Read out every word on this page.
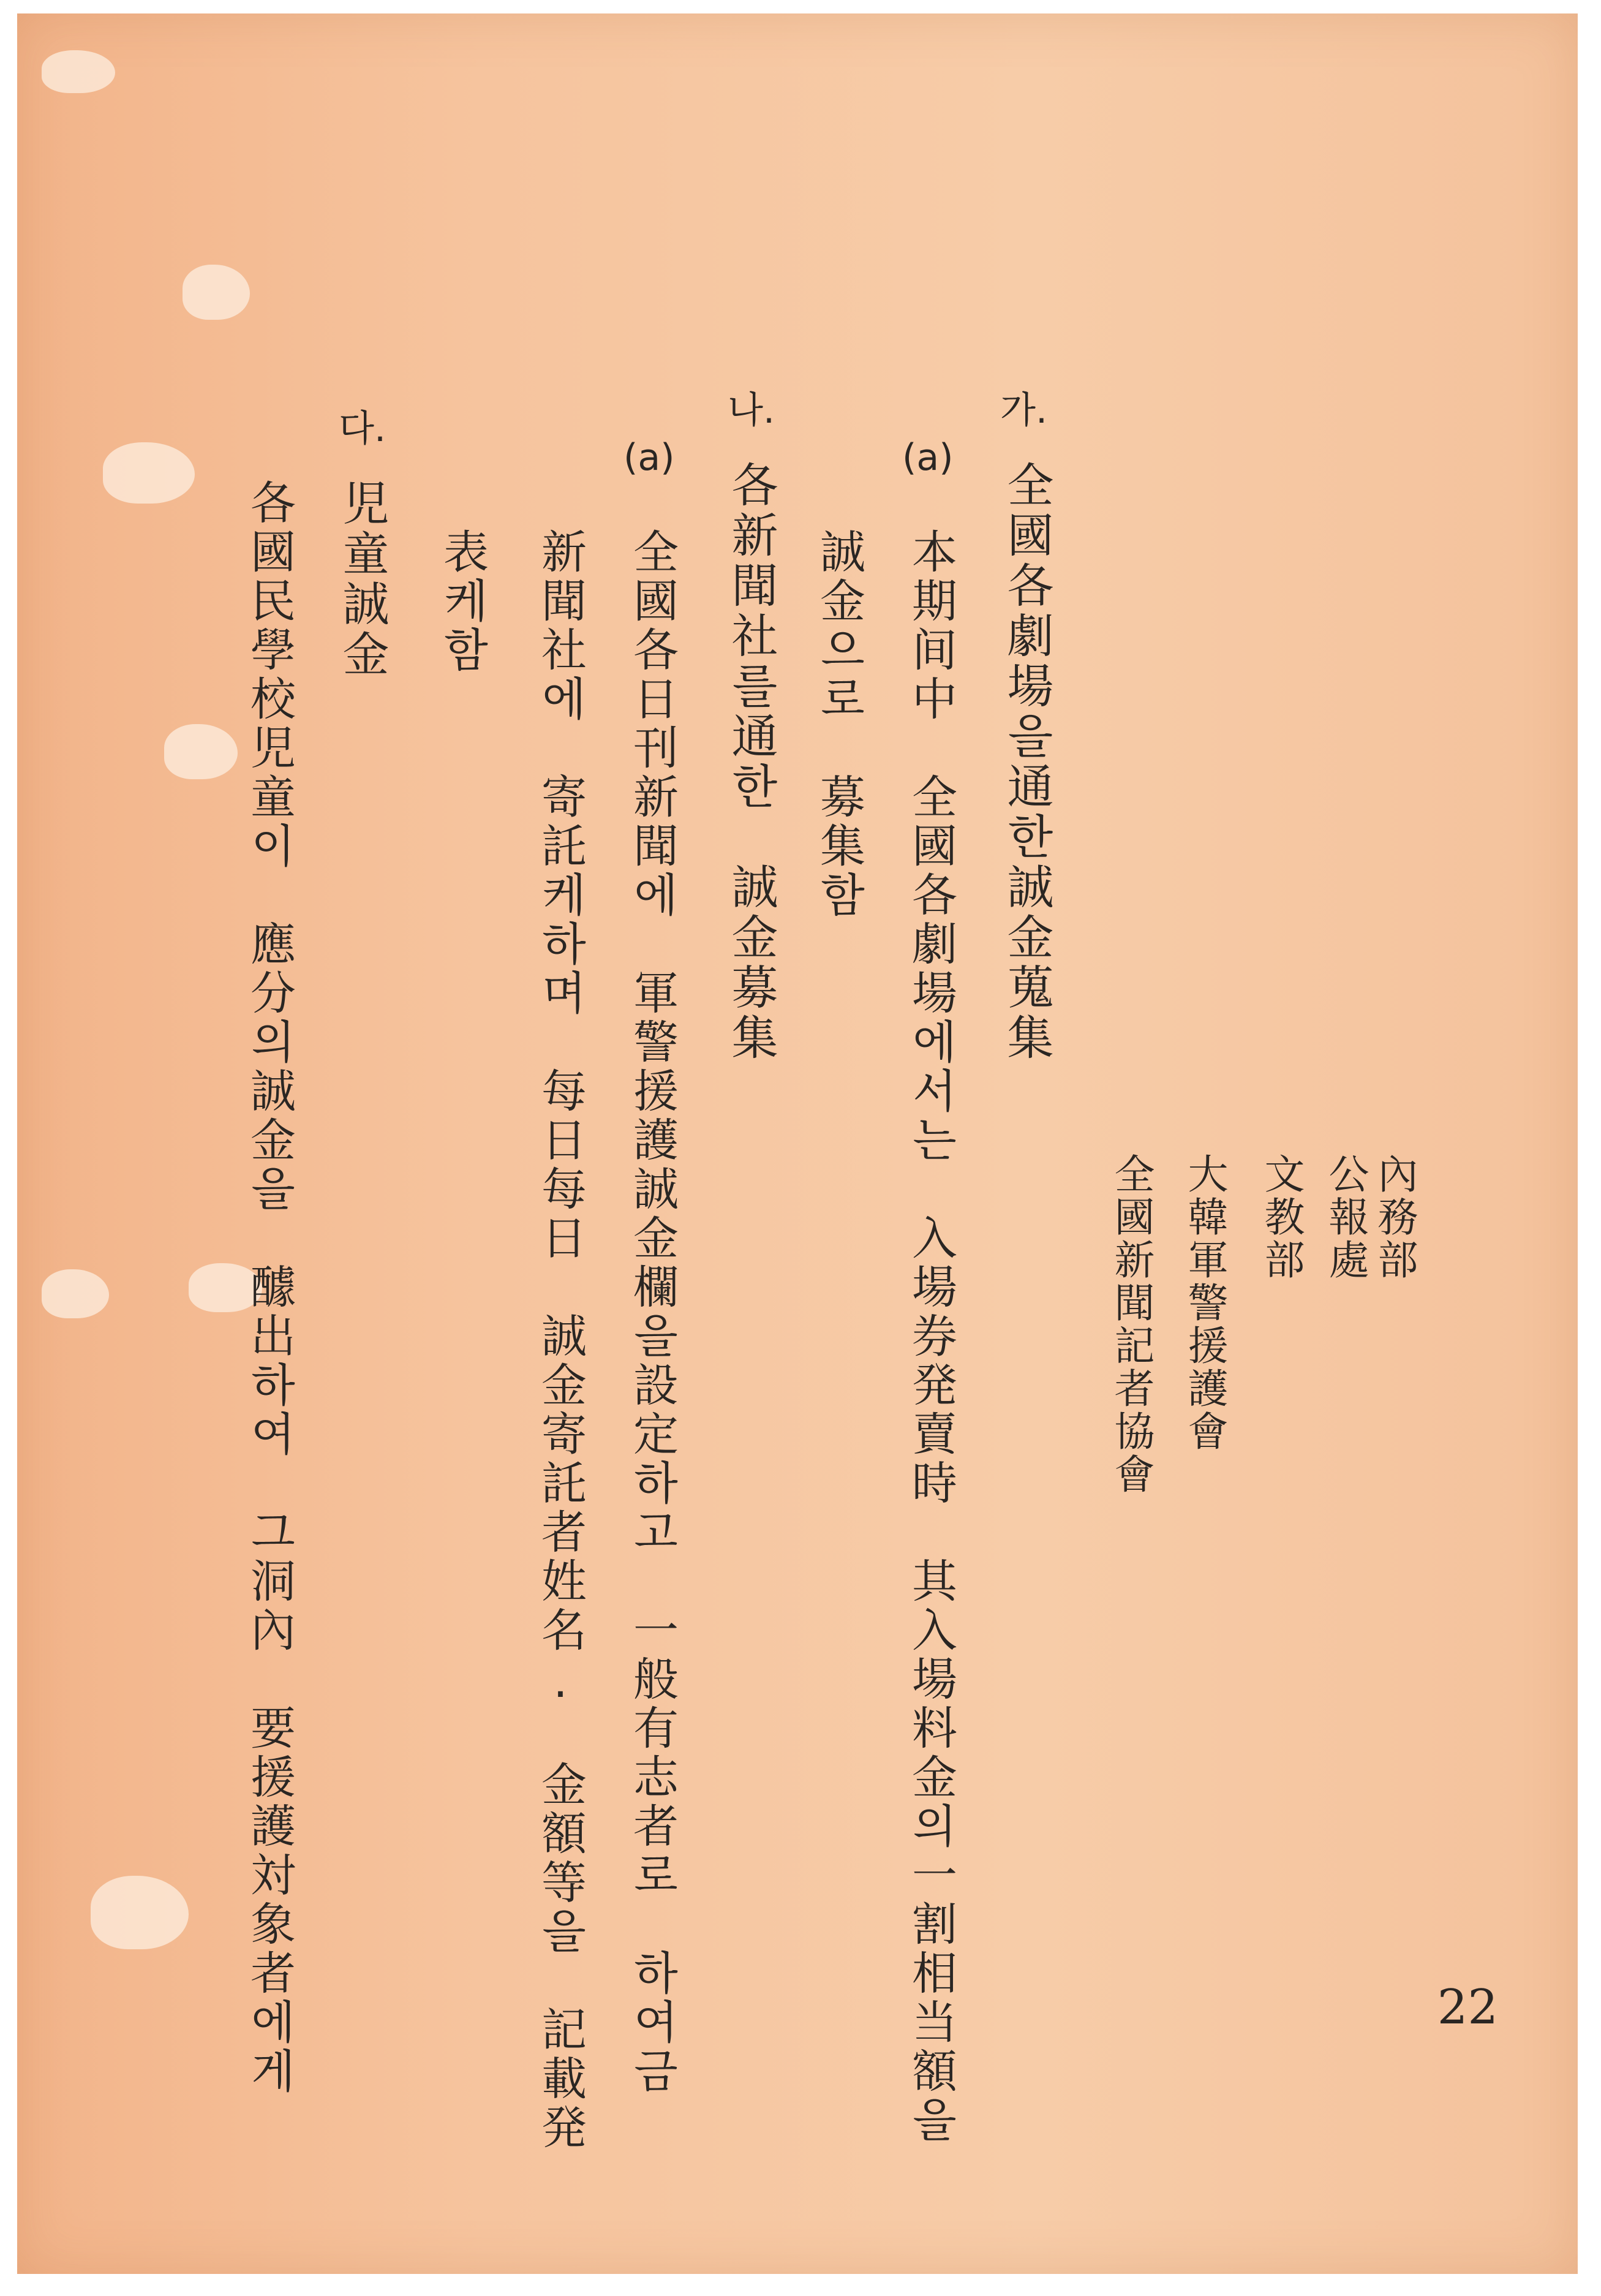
內務部
公報處
文教部
大韓軍警援護會
全國新聞記者協會
가.
全國各劇場을通한誠金蒐集
(a)
本期间中　全國各劇場에서는　入場券発賣時　其入場料金의一割相当額을
誠金으로　募集함
나.
各新聞社를通한　誠金募集
(a)
全國各日刊新聞에　軍警援護誠金欄을設定하고　一般有志者로　하여금
新聞社에　寄託케하며　每日每日　誠金寄託者姓名.　金額等을　記載発
表케함
다.
児童誠金
各國民學校児童이　應分의誠金을　醵出하여　그洞內　要援護対象者에게	22
